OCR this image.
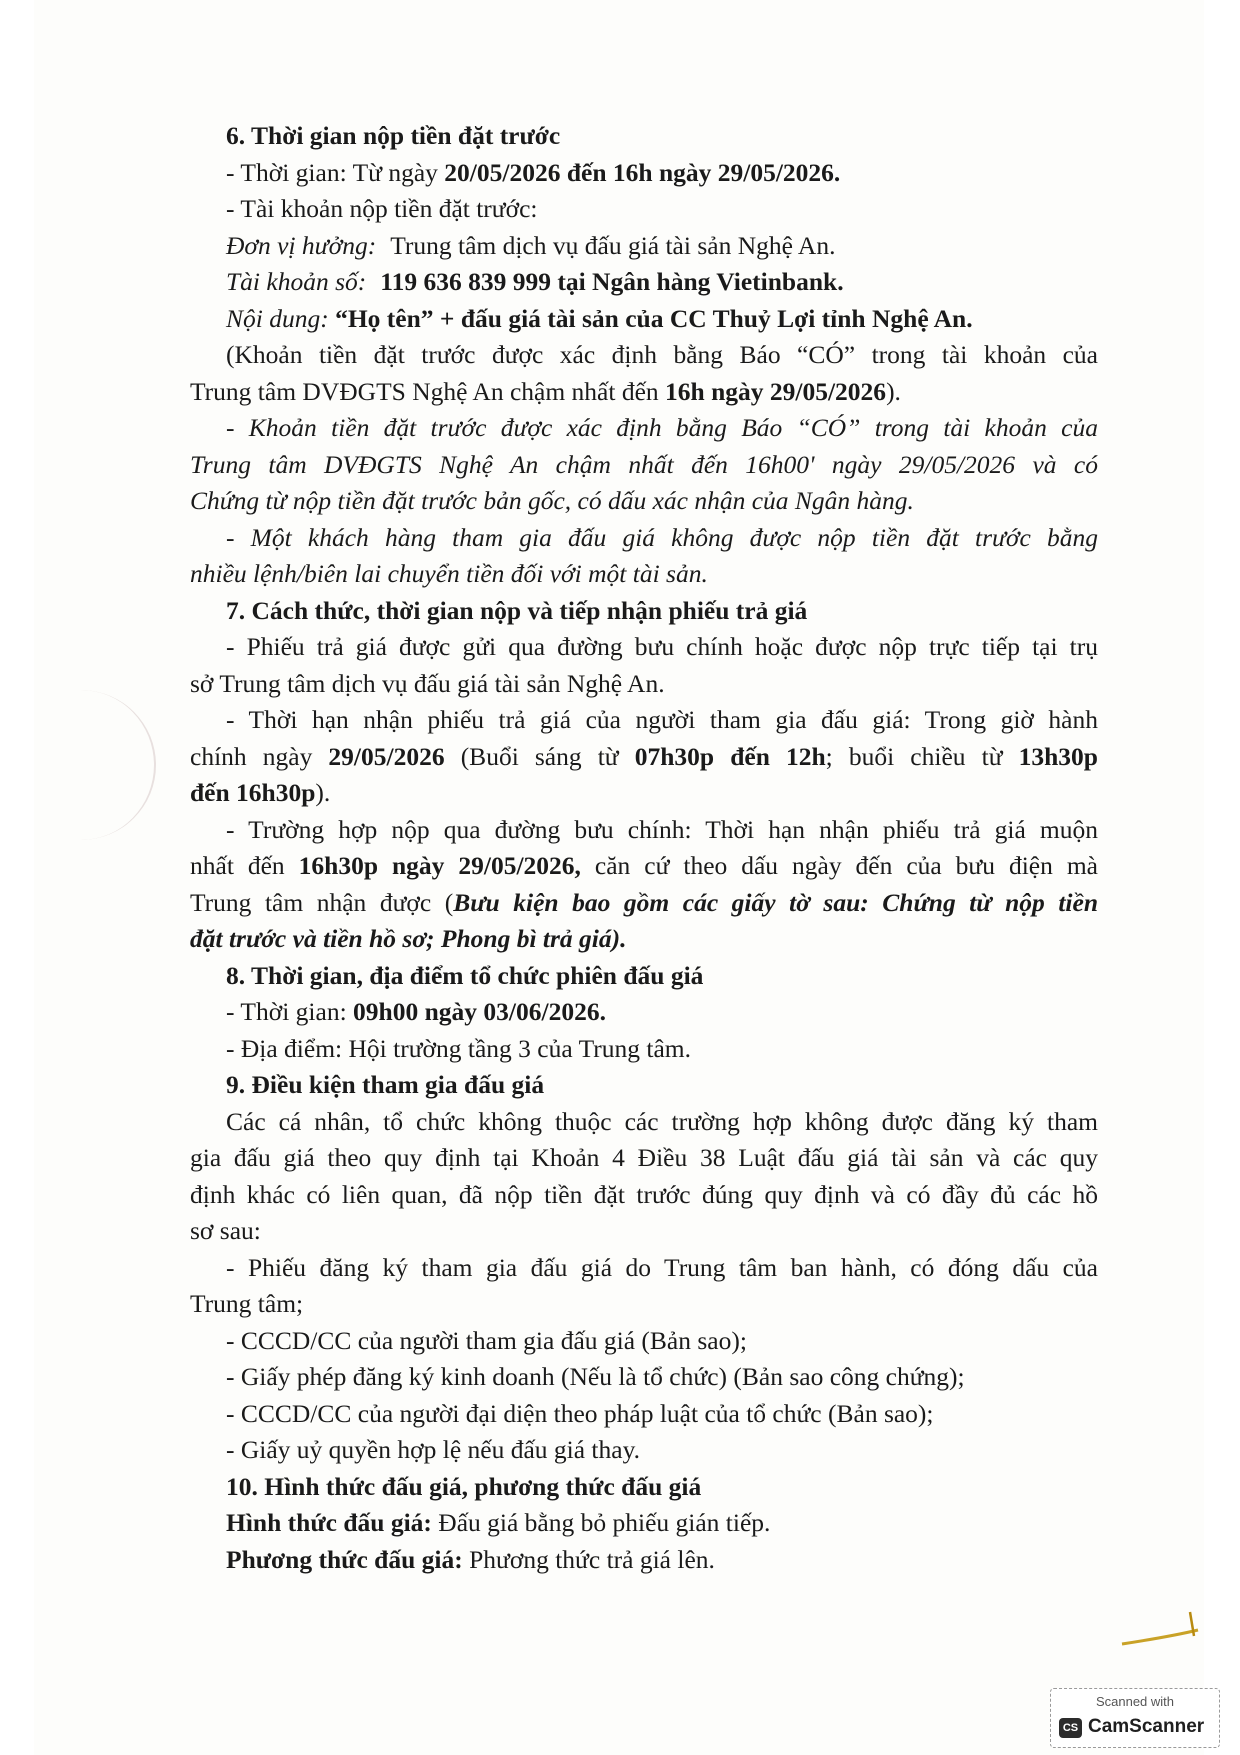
6. Thời gian nộp tiền đặt trước
- Thời gian: Từ ngày 20/05/2026 đến 16h ngày 29/05/2026.
- Tài khoản nộp tiền đặt trước:
Đơn vị hưởng: Trung tâm dịch vụ đấu giá tài sản Nghệ An.
Tài khoản số: 119 636 839 999 tại Ngân hàng Vietinbank.
Nội dung: “Họ tên” + đấu giá tài sản của CC Thuỷ Lợi tỉnh Nghệ An.
(Khoản tiền đặt trước được xác định bằng Báo “CÓ” trong tài khoản của
Trung tâm DVĐGTS Nghệ An chậm nhất đến 16h ngày 29/05/2026).
- Khoản tiền đặt trước được xác định bằng Báo “CÓ” trong tài khoản của
Trung tâm DVĐGTS Nghệ An chậm nhất đến 16h00' ngày 29/05/2026 và có
Chứng từ nộp tiền đặt trước bản gốc, có dấu xác nhận của Ngân hàng.
- Một khách hàng tham gia đấu giá không được nộp tiền đặt trước bằng
nhiều lệnh/biên lai chuyển tiền đối với một tài sản.
7. Cách thức, thời gian nộp và tiếp nhận phiếu trả giá
- Phiếu trả giá được gửi qua đường bưu chính hoặc được nộp trực tiếp tại trụ
sở Trung tâm dịch vụ đấu giá tài sản Nghệ An.
- Thời hạn nhận phiếu trả giá của người tham gia đấu giá: Trong giờ hành
chính ngày 29/05/2026 (Buổi sáng từ 07h30p đến 12h; buổi chiều từ 13h30p
đến 16h30p).
- Trường hợp nộp qua đường bưu chính: Thời hạn nhận phiếu trả giá muộn
nhất đến 16h30p ngày 29/05/2026, căn cứ theo dấu ngày đến của bưu điện mà
Trung tâm nhận được (Bưu kiện bao gồm các giấy tờ sau: Chứng từ nộp tiền
đặt trước và tiền hồ sơ; Phong bì trả giá).
8. Thời gian, địa điểm tổ chức phiên đấu giá
- Thời gian: 09h00 ngày 03/06/2026.
- Địa điểm: Hội trường tầng 3 của Trung tâm.
9. Điều kiện tham gia đấu giá
Các cá nhân, tổ chức không thuộc các trường hợp không được đăng ký tham
gia đấu giá theo quy định tại Khoản 4 Điều 38 Luật đấu giá tài sản và các quy
định khác có liên quan, đã nộp tiền đặt trước đúng quy định và có đầy đủ các hồ
sơ sau:
- Phiếu đăng ký tham gia đấu giá do Trung tâm ban hành, có đóng dấu của
Trung tâm;
- CCCD/CC của người tham gia đấu giá (Bản sao);
- Giấy phép đăng ký kinh doanh (Nếu là tổ chức) (Bản sao công chứng);
- CCCD/CC của người đại diện theo pháp luật của tổ chức (Bản sao);
- Giấy uỷ quyền hợp lệ nếu đấu giá thay.
10. Hình thức đấu giá, phương thức đấu giá
Hình thức đấu giá: Đấu giá bằng bỏ phiếu gián tiếp.
Phương thức đấu giá: Phương thức trả giá lên.
Scanned with
CS CamScanner
